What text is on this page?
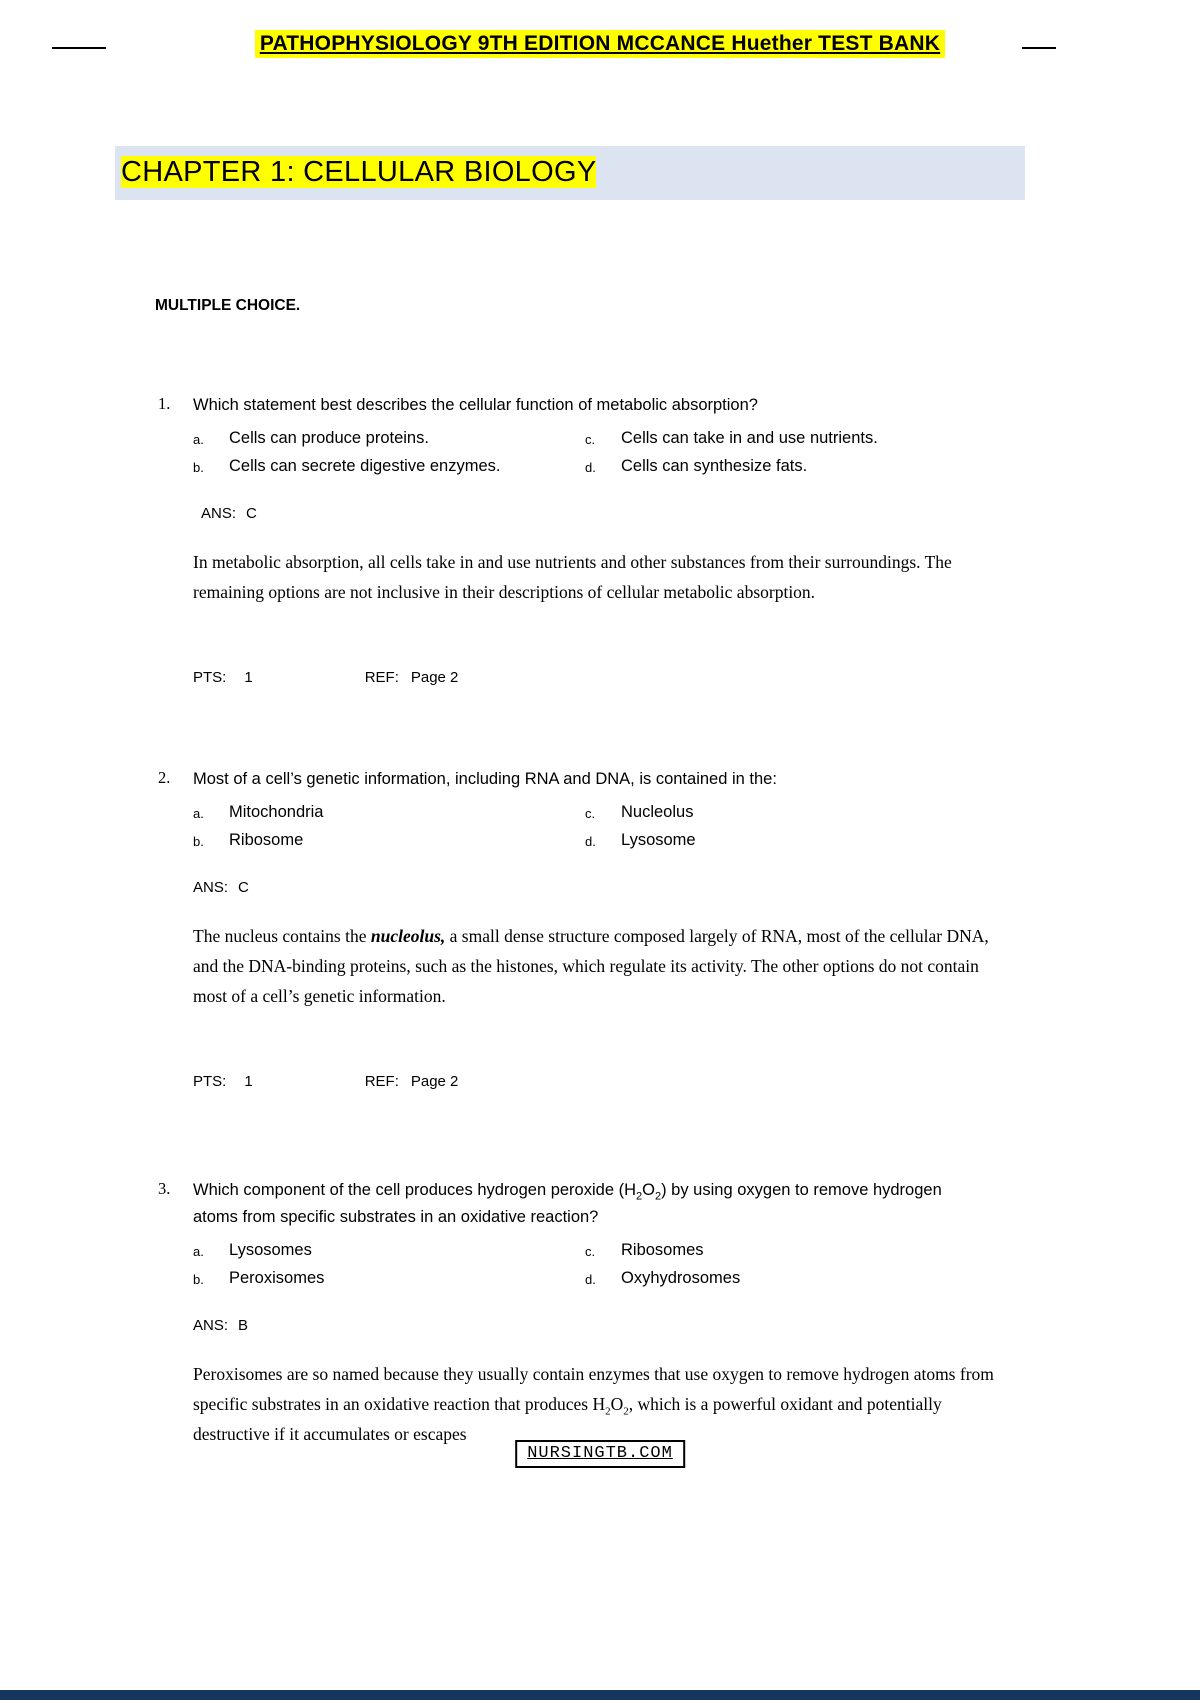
PATHOPHYSIOLOGY 9TH EDITION MCCANCE Huether TEST BANK
CHAPTER 1: CELLULAR BIOLOGY
MULTIPLE CHOICE.
1.	Which statement best describes the cellular function of metabolic absorption?
a.	Cells can produce proteins.	c.	Cells can take in and use nutrients.
b.	Cells can secrete digestive enzymes.	d.	Cells can synthesize fats.
ANS: C
In metabolic absorption, all cells take in and use nutrients and other substances from their surroundings. The remaining options are not inclusive in their descriptions of cellular metabolic absorption.
PTS: 1	REF: Page 2
2.	Most of a cell’s genetic information, including RNA and DNA, is contained in the:
a.	Mitochondria	c.	Nucleolus
b.	Ribosome	d.	Lysosome
ANS: C
The nucleus contains the nucleolus, a small dense structure composed largely of RNA, most of the cellular DNA, and the DNA-binding proteins, such as the histones, which regulate its activity. The other options do not contain most of a cell’s genetic information.
PTS: 1	REF: Page 2
3.	Which component of the cell produces hydrogen peroxide $(H_2O_2)$ by using oxygen to remove hydrogen atoms from specific substrates in an oxidative reaction?
a.	Lysosomes	c.	Ribosomes
b.	Peroxisomes	d.	Oxyhydrosomes
ANS: B
Peroxisomes are so named because they usually contain enzymes that use oxygen to remove hydrogen atoms from specific substrates in an oxidative reaction that produces $H_2O_2$, which is a powerful oxidant and potentially destructive if it accumulates or escapes
NURSINGTB.COM
